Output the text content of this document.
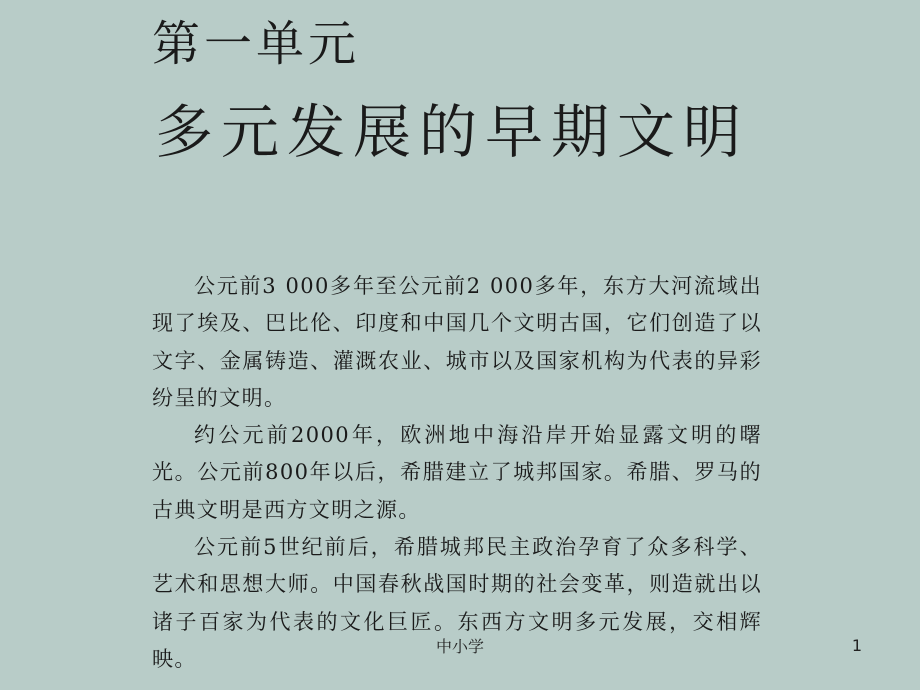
第一单元
多元发展的早期文明

公元前3 000多年至公元前2 000多年，东方大河流域出现了埃及、巴比伦、印度和中国几个文明古国，它们创造了以文字、金属铸造、灌溉农业、城市以及国家机构为代表的异彩纷呈的文明。

约公元前2000年，欧洲地中海沿岸开始显露文明的曙光。公元前800年以后，希腊建立了城邦国家。希腊、罗马的古典文明是西方文明之源。

公元前5世纪前后，希腊城邦民主政治孕育了众多科学、艺术和思想大师。中国春秋战国时期的社会变革，则造就出以诸子百家为代表的文化巨匠。东西方文明多元发展，交相辉映。

中小学	1
